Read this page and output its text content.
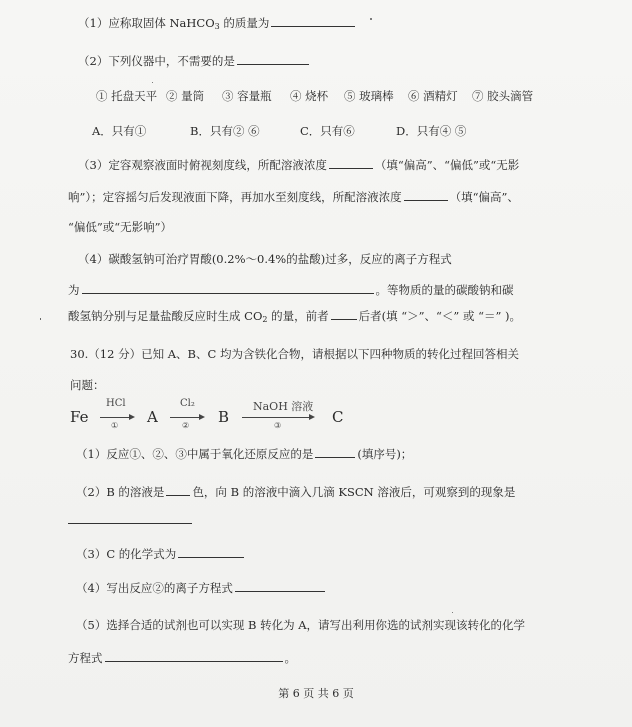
（1）应称取固体 NaHCO$_3$ 的质量为
（2）下列仪器中，不需要的是
① 托盘天平 ② 量筒 ③ 容量瓶 ④ 烧杯 ⑤ 玻璃棒 ⑥ 酒精灯 ⑦ 胶头滴管
A．只有①	B．只有② ⑥	C．只有⑥	D．只有④ ⑤
（3）定容观察液面时俯视刻度线，所配溶液浓度	（填“偏高”、“偏低”或“无影
响”）；定容摇匀后发现液面下降，再加水至刻度线，所配溶液浓度	（填“偏高”、
“偏低”或“无影响”）
（4）碳酸氢钠可治疗胃酸(0.2%～0.4%的盐酸)过多，反应的离子方程式
为	。等物质的量的碳酸钠和碳
酸氢钠分别与足量盐酸反应时生成 $CO_2$ 的量，前者	后者(填 “＞”、“＜” 或 “＝” )。
30.（12 分）已知 A、B、C 均为含铁化合物，请根据以下四种物质的转化过程回答相关
问题：
Fe
HCl
① A
Cl₂
② B
NaOH 溶液
③	C
（1）反应①、②、③中属于氧化还原反应的是	(填序号)；
（2）B 的溶液是 色，向 B 的溶液中滴入几滴 KSCN 溶液后，可观察到的现象是
（3）C 的化学式为
（4）写出反应②的离子方程式
（5）选择合适的试剂也可以实现 B 转化为 A，请写出利用你选的试剂实现该转化的化学
方程式	。
第 6 页 共 6 页
